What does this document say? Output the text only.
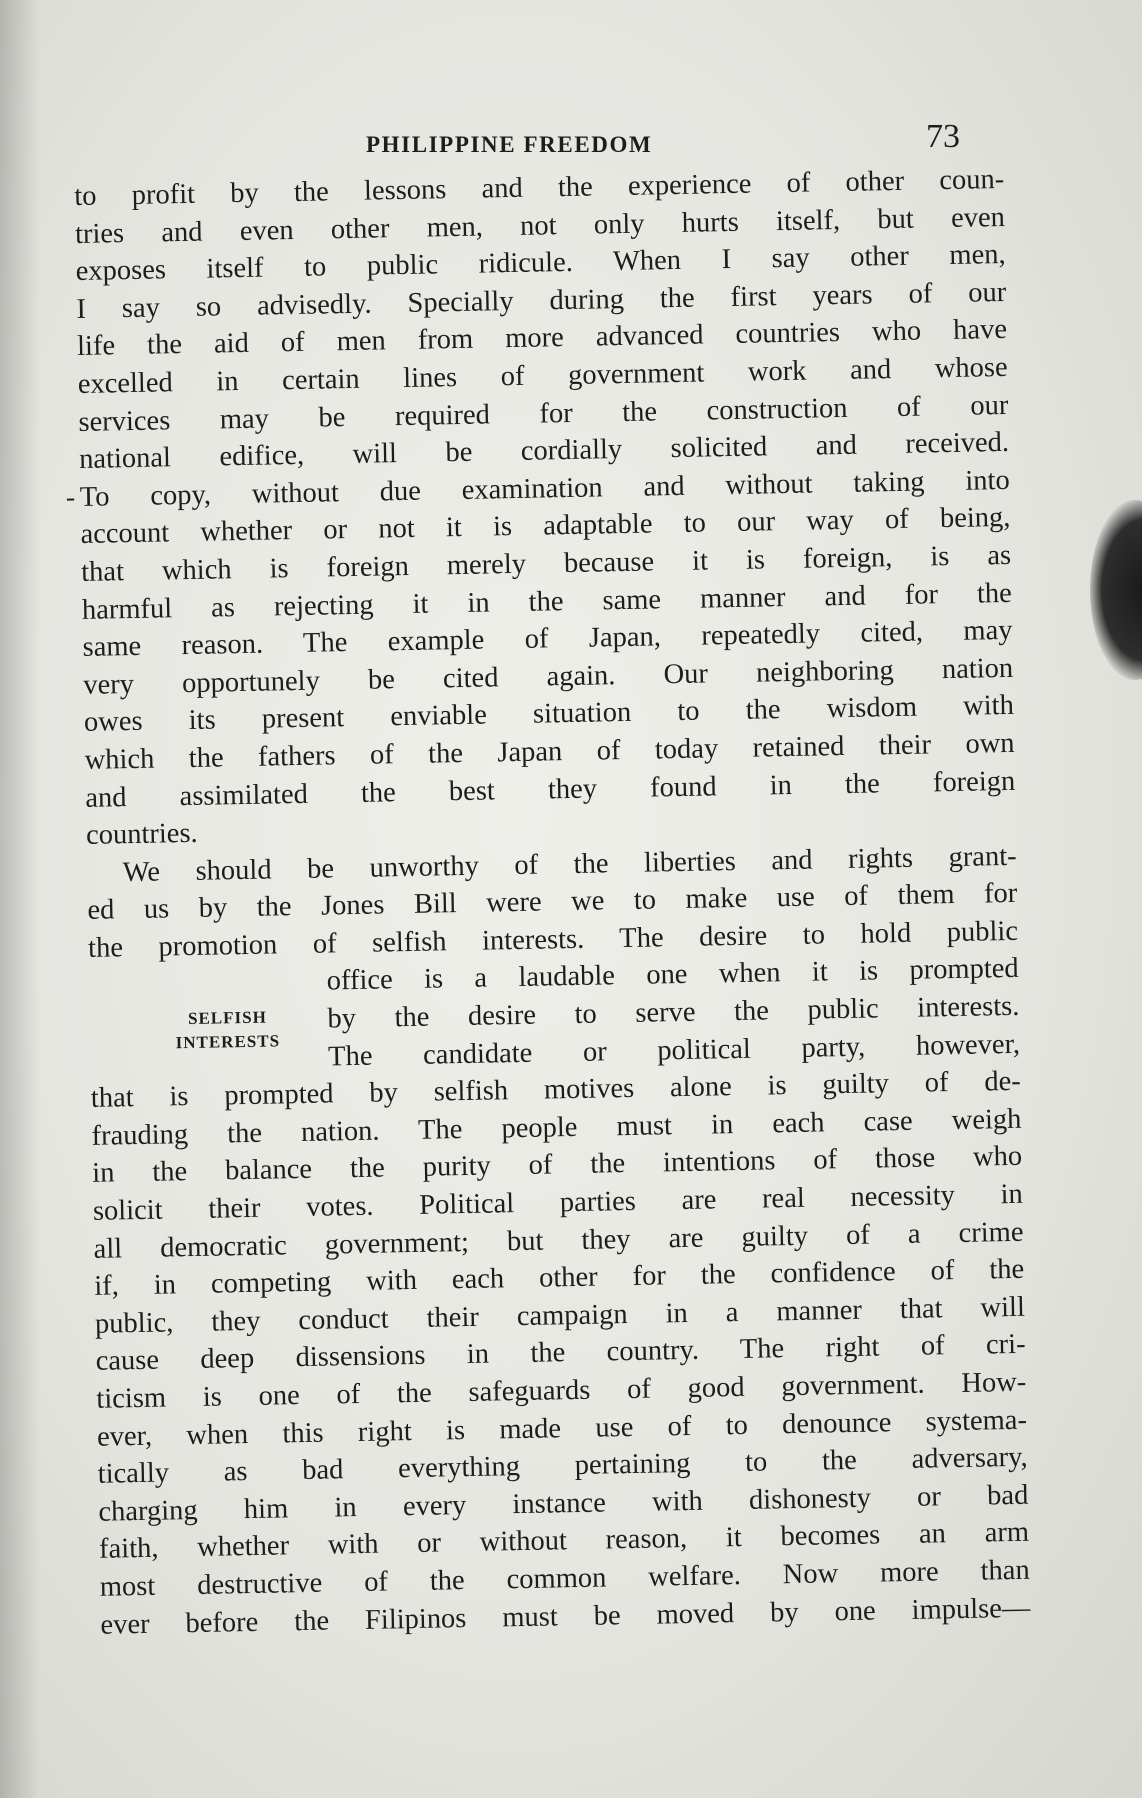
PHILIPPINE FREEDOM	73
to profit by the lessons and the experience of other coun-
tries and even other men, not only hurts itself, but even
exposes itself to public ridicule. When I say other men,
I say so advisedly. Specially during the first years of our
life the aid of men from more advanced countries who have
excelled in certain lines of government work and whose
services may be required for the construction of our
national edifice, will be cordially solicited and received.
- To copy, without due examination and without taking into
account whether or not it is adaptable to our way of being,
that which is foreign merely because it is foreign, is as
harmful as rejecting it in the same manner and for the
same reason. The example of Japan, repeatedly cited, may
very opportunely be cited again. Our neighboring nation
owes its present enviable situation to the wisdom with
which the fathers of the Japan of today retained their own
and assimilated the best they found in the foreign
countries.
We should be unworthy of the liberties and rights grant-
ed us by the Jones Bill were we to make use of them for
the promotion of selfish interests. The desire to hold public
SELFISH
INTERESTS
office is a laudable one when it is prompted
by the desire to serve the public interests.
The candidate or political party, however,
that is prompted by selfish motives alone is guilty of de-
frauding the nation. The people must in each case weigh
in the balance the purity of the intentions of those who
solicit their votes. Political parties are real necessity in
all democratic government; but they are guilty of a crime
if, in competing with each other for the confidence of the
public, they conduct their campaign in a manner that will
cause deep dissensions in the country. The right of cri-
ticism is one of the safeguards of good government. How-
ever, when this right is made use of to denounce systema-
tically as bad everything pertaining to the adversary,
charging him in every instance with dishonesty or bad
faith, whether with or without reason, it becomes an arm
most destructive of the common welfare. Now more than
ever before the Filipinos must be moved by one impulse—
